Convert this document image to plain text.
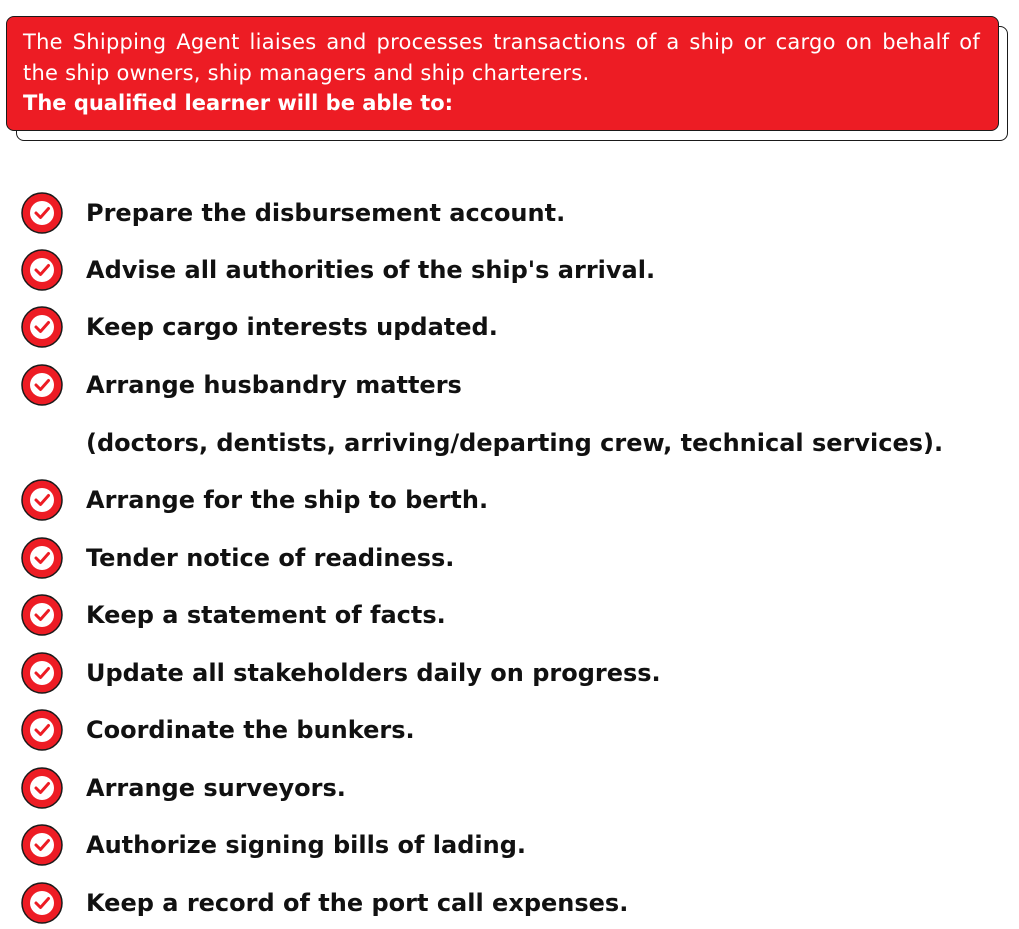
The Shipping Agent liaises and processes transactions of a ship or cargo on behalf of the ship owners, ship managers and ship charterers.

The qualified learner will be able to:

Prepare the disbursement account.
Advise all authorities of the ship's arrival.
Keep cargo interests updated.
Arrange husbandry matters
(doctors, dentists, arriving/departing crew, technical services).
Arrange for the ship to berth.
Tender notice of readiness.
Keep a statement of facts.
Update all stakeholders daily on progress.
Coordinate the bunkers.
Arrange surveyors.
Authorize signing bills of lading.
Keep a record of the port call expenses.
